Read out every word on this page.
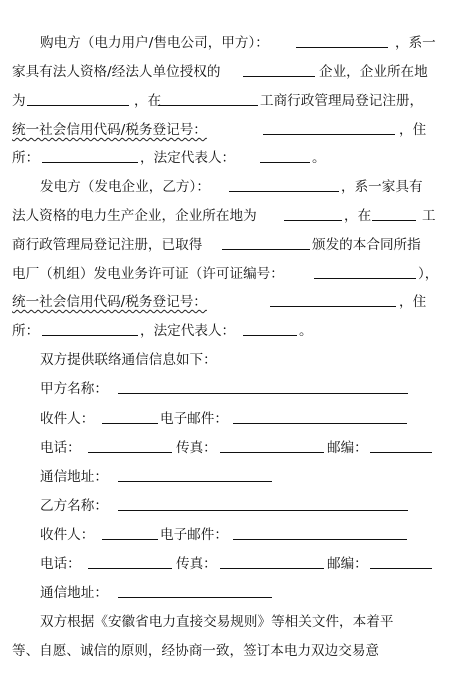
购电方（电力用户/售电公司，甲方）：	，系一
家具有法人资格/经法人单位授权的	企业，企业所在地
为	，在	工商行政管理局登记注册，
统一社会信用代码/税务登记号：	，住
所：	，法定代表人：	。
发电方（发电企业，乙方）：	，系一家具有
法人资格的电力生产企业，企业所在地为	，在	工
商行政管理局登记注册，已取得	颁发的本合同所指
电厂（机组）发电业务许可证（许可证编号：	），
统一社会信用代码/税务登记号：	，住
所：	，法定代表人：	。
双方提供联络通信信息如下：
甲方名称：
收件人：	电子邮件：
电话：	传真：	邮编：
通信地址：
乙方名称：
收件人：	电子邮件：
电话：	传真：	邮编：
通信地址：
双方根据《安徽省电力直接交易规则》等相关文件，本着平
等、自愿、诚信的原则，经协商一致，签订本电力双边交易意
